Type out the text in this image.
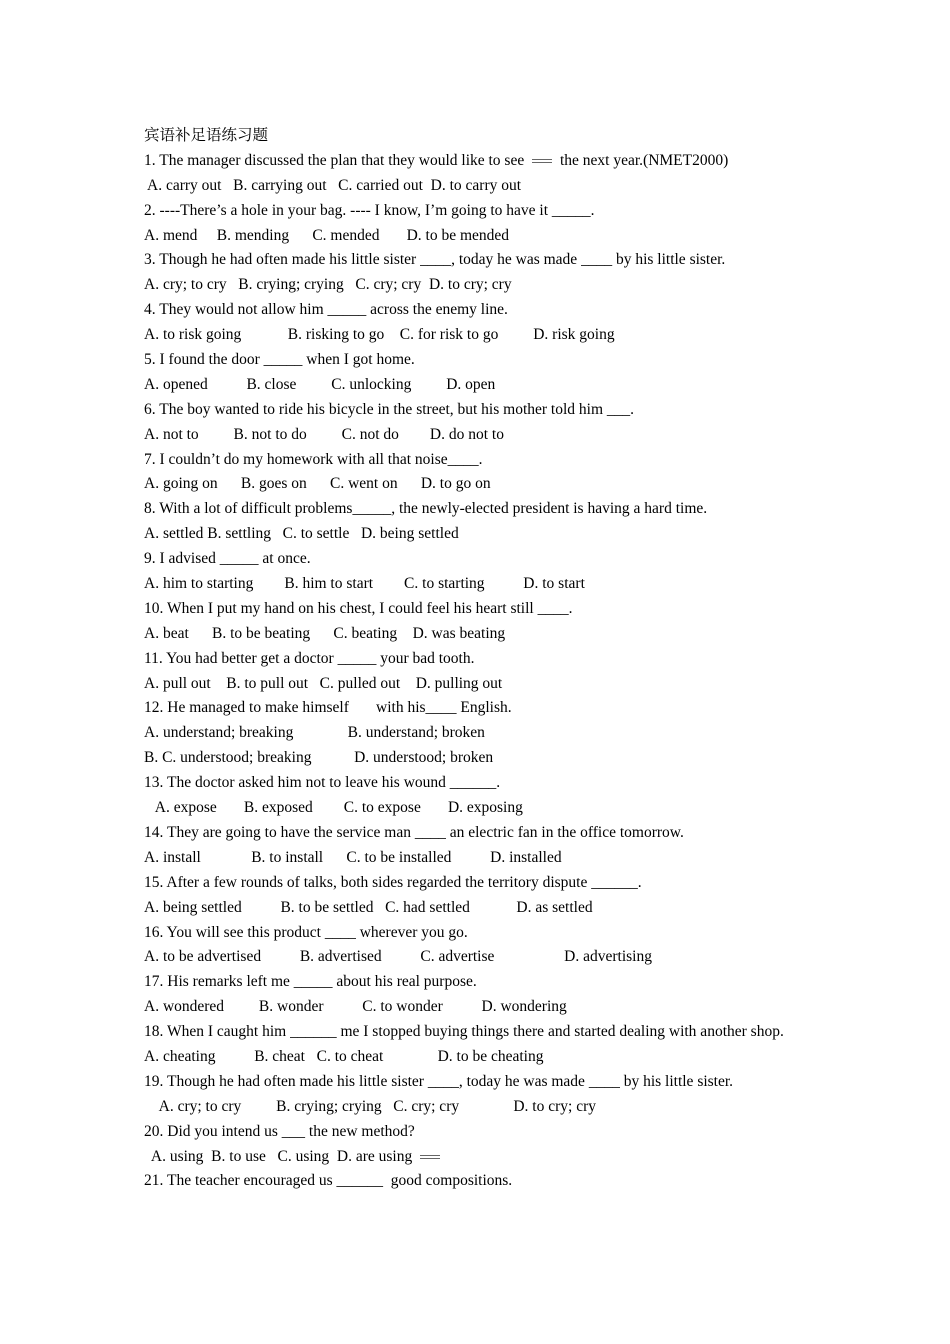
宾语补足语练习题
1. The manager discussed the plan that they would like to see  the next year.(NMET2000)
A. carry out   B. carrying out   C. carried out  D. to carry out
2. ----There’s a hole in your bag. ---- I know, I’m going to have it _____.
A. mend     B. mending      C. mended       D. to be mended
3. Though he had often made his little sister ____, today he was made ____ by his little sister.
A. cry; to cry   B. crying; crying   C. cry; cry  D. to cry; cry
4. They would not allow him _____ across the enemy line.
A. to risk going            B. risking to go    C. for risk to go         D. risk going
5. I found the door _____ when I got home.
A. opened          B. close         C. unlocking         D. open
6. The boy wanted to ride his bicycle in the street, but his mother told him ___.
A. not to         B. not to do         C. not do        D. do not to
7. I couldn’t do my homework with all that noise____.
A. going on      B. goes on      C. went on      D. to go on
8. With a lot of difficult problems_____, the newly-elected president is having a hard time.
A. settled B. settling   C. to settle   D. being settled
9. I advised _____ at once.
A. him to starting        B. him to start        C. to starting          D. to start
10. When I put my hand on his chest, I could feel his heart still ____.
A. beat      B. to be beating      C. beating    D. was beating
11. You had better get a doctor _____ your bad tooth.
A. pull out    B. to pull out   C. pulled out    D. pulling out
12. He managed to make himself       with his____ English.
A. understand; breaking              B. understand; broken
B. C. understood; breaking           D. understood; broken
13. The doctor asked him not to leave his wound ______.
A. expose       B. exposed        C. to expose       D. exposing
14. They are going to have the service man ____ an electric fan in the office tomorrow.
A. install             B. to install      C. to be installed          D. installed
15. After a few rounds of talks, both sides regarded the territory dispute ______.
A. being settled          B. to be settled   C. had settled            D. as settled
16. You will see this product ____ wherever you go.
A. to be advertised          B. advertised          C. advertise                  D. advertising
17. His remarks left me _____ about his real purpose.
A. wondered         B. wonder          C. to wonder          D. wondering
18. When I caught him ______ me I stopped buying things there and started dealing with another shop.
A. cheating          B. cheat   C. to cheat              D. to be cheating
19. Though he had often made his little sister ____, today he was made ____ by his little sister.
A. cry; to cry         B. crying; crying   C. cry; cry              D. to cry; cry
20. Did you intend us ___ the new method?
A. using  B. to use   C. using  D. are using
21. The teacher encouraged us ______  good compositions.
